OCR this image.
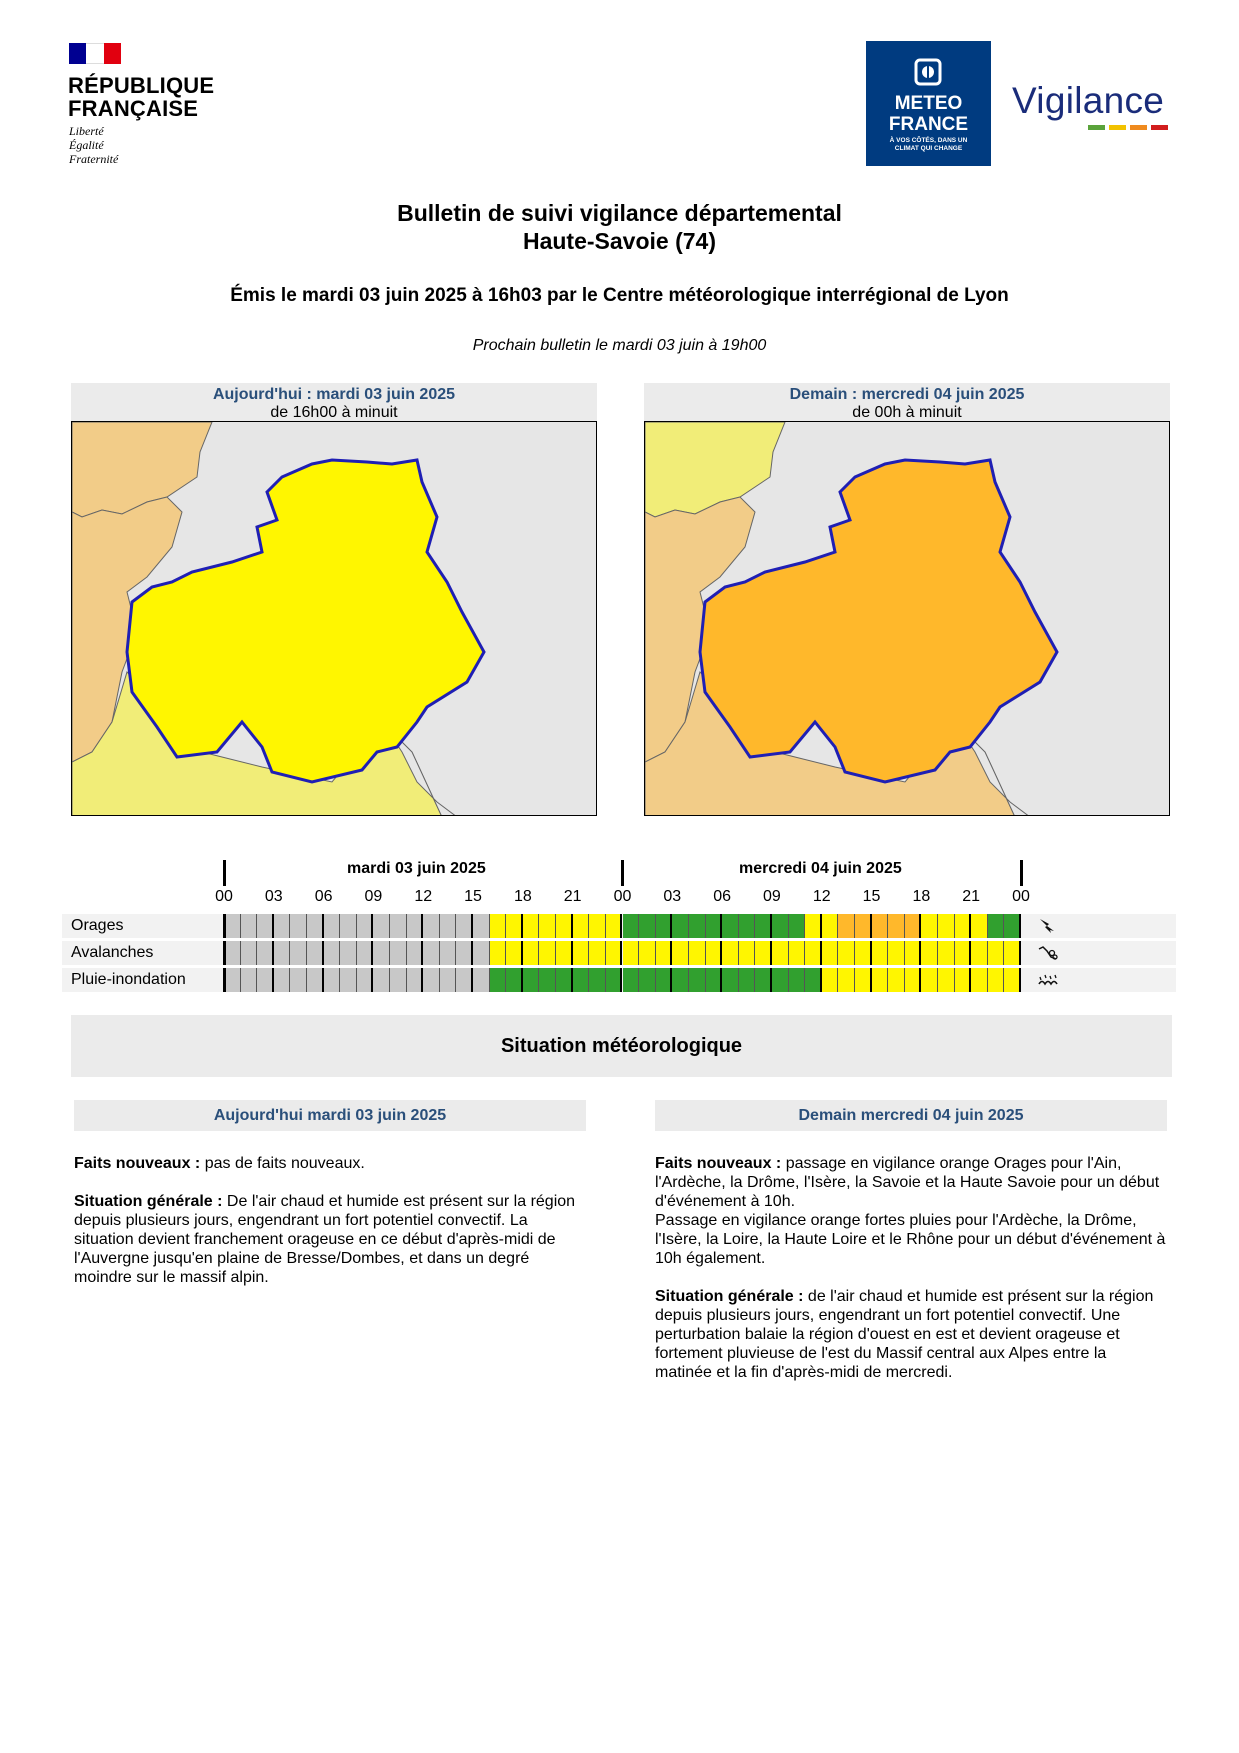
RÉPUBLIQUE
FRANÇAISE
Liberté
Égalité
Fraternité
METEO
FRANCE
À VOS CÔTÉS, DANS UN
CLIMAT QUI CHANGE
Vigilance
Bulletin de suivi vigilance départemental
Haute-Savoie (74)
Émis le mardi 03 juin 2025 à 16h03 par le Centre météorologique interrégional de Lyon
Prochain bulletin le mardi 03 juin à 19h00
Aujourd'hui : mardi 03 juin 2025
de 16h00 à minuit
Demain : mercredi 04 juin 2025
de 00h à minuit
mardi 03 juin 2025	mercredi 04 juin 2025
00	03	06	09	12	15	18	21	00	03	06	09	12	15	18	21	00
Orages
Avalanches
Pluie-inondation
Situation météorologique
Aujourd'hui mardi 03 juin 2025	Demain mercredi 04 juin 2025

Faits nouveaux : pas de faits nouveaux.

Situation générale : De l'air chaud et humide est présent sur la région depuis plusieurs jours, engendrant un fort potentiel convectif. La situation devient franchement orageuse en ce début d'après-midi de l'Auvergne jusqu'en plaine de Bresse/Dombes, et dans un degré moindre sur le massif alpin.

Faits nouveaux : passage en vigilance orange Orages pour l'Ain, l'Ardèche, la Drôme, l'Isère, la Savoie et la Haute Savoie pour un début d'événement à 10h.
Passage en vigilance orange fortes pluies pour l'Ardèche, la Drôme, l'Isère, la Loire, la Haute Loire et le Rhône pour un début d'événement à 10h également.

Situation générale : de l'air chaud et humide est présent sur la région depuis plusieurs jours, engendrant un fort potentiel convectif. Une perturbation balaie la région d'ouest en est et devient orageuse et fortement pluvieuse de l'est du Massif central aux Alpes entre la matinée et la fin d'après-midi de mercredi.
